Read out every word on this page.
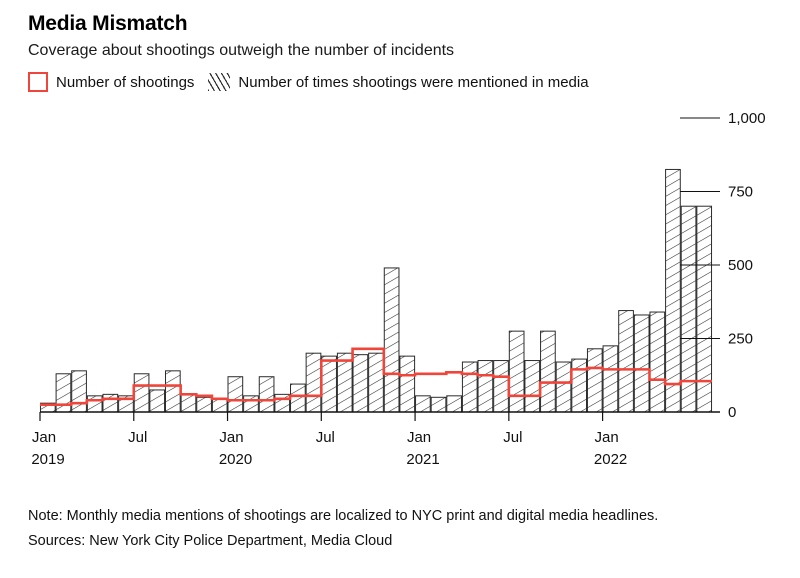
Media Mismatch
Coverage about shootings outweigh the number of incidents
Number of shootings	Number of times shootings were mentioned in media
0
250
500
750
1,000
Jan
2019
Jul	Jan
2020
Jul	Jan
2021
Jul	Jan
2022
Note: Monthly media mentions of shootings are localized to NYC print and digital media headlines.
Sources: New York City Police Department, Media Cloud
